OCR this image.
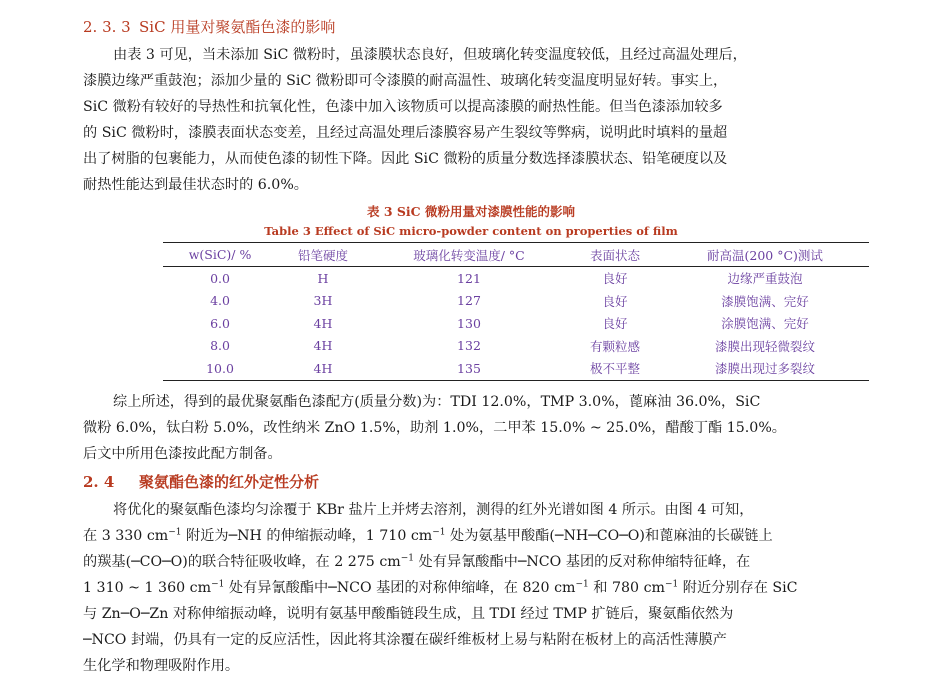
2. 3. 3 SiC 用量对聚氨酯色漆的影响

由表 3 可见，当未添加 SiC 微粉时，虽漆膜状态良好，但玻璃化转变温度较低，且经过高温处理后，
漆膜边缘严重鼓泡；添加少量的 SiC 微粉即可令漆膜的耐高温性、玻璃化转变温度明显好转。事实上，
SiC 微粉有较好的导热性和抗氧化性，色漆中加入该物质可以提高漆膜的耐热性能。但当色漆添加较多
的 SiC 微粉时，漆膜表面状态变差，且经过高温处理后漆膜容易产生裂纹等弊病，说明此时填料的量超
出了树脂的包裹能力，从而使色漆的韧性下降。因此 SiC 微粉的质量分数选择漆膜状态、铅笔硬度以及
耐热性能达到最佳状态时的 6.0%。

表 3 SiC 微粉用量对漆膜性能的影响
Table 3 Effect of SiC micro-powder content on properties of film
w(SiC)/ %	铅笔硬度	玻璃化转变温度/ °C	表面状态	耐高温(200 °C)测试
0.0	H	121	良好	边缘严重鼓泡
4.0	3H	127	良好	漆膜饱满、完好
6.0	4H	130	良好	涂膜饱满、完好
8.0	4H	132	有颗粒感	漆膜出现轻微裂纹
10.0	4H	135	极不平整	漆膜出现过多裂纹

综上所述，得到的最优聚氨酯色漆配方(质量分数)为：TDI 12.0%，TMP 3.0%，蓖麻油 36.0%，SiC
微粉 6.0%，钛白粉 5.0%，改性纳米 ZnO 1.5%，助剂 1.0%，二甲苯 15.0% ~ 25.0%，醋酸丁酯 15.0%。
后文中所用色漆按此配方制备。

2. 4 聚氨酯色漆的红外定性分析

将优化的聚氨酯色漆均匀涂覆于 KBr 盐片上并烤去溶剂，测得的红外光谱如图 4 所示。由图 4 可知，
在 3 330 $cm^{-1}$ 附近为─NH 的伸缩振动峰，1 710 $cm^{-1}$ 处为氨基甲酸酯(─NH─CO─O)和蓖麻油的长碳链上
的羰基(─CO─O)的联合特征吸收峰，在 2 275 $cm^{-1}$ 处有异氰酸酯中─NCO 基团的反对称伸缩特征峰，在
1 310 ~ 1 360 $cm^{-1}$ 处有异氰酸酯中─NCO 基团的对称伸缩峰，在 820 $cm^{-1}$ 和 780 $cm^{-1}$ 附近分别存在 SiC
与 Zn─O─Zn 对称伸缩振动峰，说明有氨基甲酸酯链段生成，且 TDI 经过 TMP 扩链后，聚氨酯依然为
─NCO 封端，仍具有一定的反应活性，因此将其涂覆在碳纤维板材上易与粘附在板材上的高活性薄膜产
生化学和物理吸附作用。
